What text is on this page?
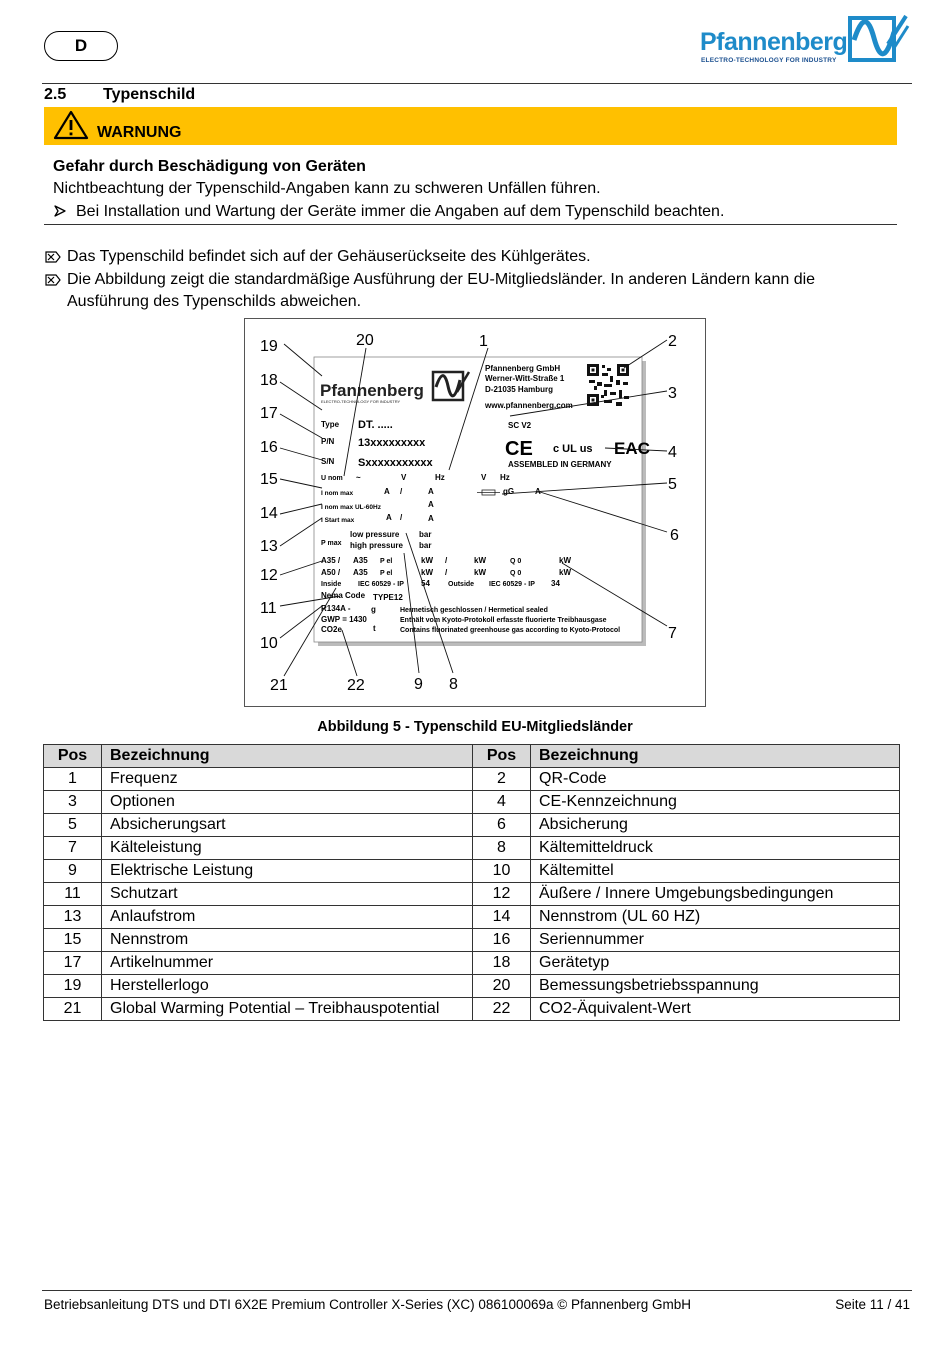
D	Pfannenberg
ELECTRO-TECHNOLOGY FOR INDUSTRY
2.5 Typenschild
WARNUNG
Gefahr durch Beschädigung von Geräten
Nichtbeachtung der Typenschild-Angaben kann zu schweren Unfällen führen.
Bei Installation und Wartung der Geräte immer die Angaben auf dem Typenschild beachten.
Das Typenschild befindet sich auf der Gehäuserückseite des Kühlgerätes.
Die Abbildung zeigt die standardmäßige Ausführung der EU-Mitgliedsländer. In anderen Ländern kann die
Ausführung des Typenschilds abweichen.
Pfannenberg
ELECTRO-TECHNOLOGY FOR INDUSTRY
Pfannenberg GmbH
Werner-Witt-Straße 1
D-21035 Hamburg
www.pfannenberg.com
SC V2
CE c UL us EAC
ASSEMBLED IN GERMANY
Type DT. .....
P/N 13xxxxxxxxx
S/N Sxxxxxxxxxxx
U nom ~	V	Hz	V Hz
I nom max	A /	A	gG	A
I nom max UL-60Hz	A
I Start max	A /	A
P max
low pressure bar
high pressure bar
A35 / A35 P el	kW /	kW	Q 0	kW
A50 / A35 P el	kW /	kW	Q 0	kW
Inside IEC 60529 - IP 54	Outside IEC 60529 - IP 34
Nema Code TYPE12
R134A -	g
GWP = 1430
CO2e	t
Hermetisch geschlossen / Hermetical sealed
Enthält vom Kyoto-Protokoll erfasste fluorierte Treibhausgase
Contains fluorinated greenhouse gas according to Kyoto-Protocol
19
18
17
16
15
14
13
12
11
10
21	22
20
9 8
1	2
3
4
5
6
7
Abbildung 5 - Typenschild EU-Mitgliedsländer
Pos	Bezeichnung	Pos	Bezeichnung
1	Frequenz	2	QR-Code
3	Optionen	4	CE-Kennzeichnung
5	Absicherungsart	6	Absicherung
7	Kälteleistung	8	Kältemitteldruck
9	Elektrische Leistung	10	Kältemittel
11	Schutzart	12	Äußere / Innere Umgebungsbedingungen
13	Anlaufstrom	14	Nennstrom (UL 60 HZ)
15	Nennstrom	16	Seriennummer
17	Artikelnummer	18	Gerätetyp
19	Herstellerlogo	20	Bemessungsbetriebsspannung
21	Global Warming Potential – Treibhauspotential	22	CO2-Äquivalent-Wert
Betriebsanleitung DTS und DTI 6X2E Premium Controller X-Series (XC) 086100069a © Pfannenberg GmbH	Seite 11 / 41
